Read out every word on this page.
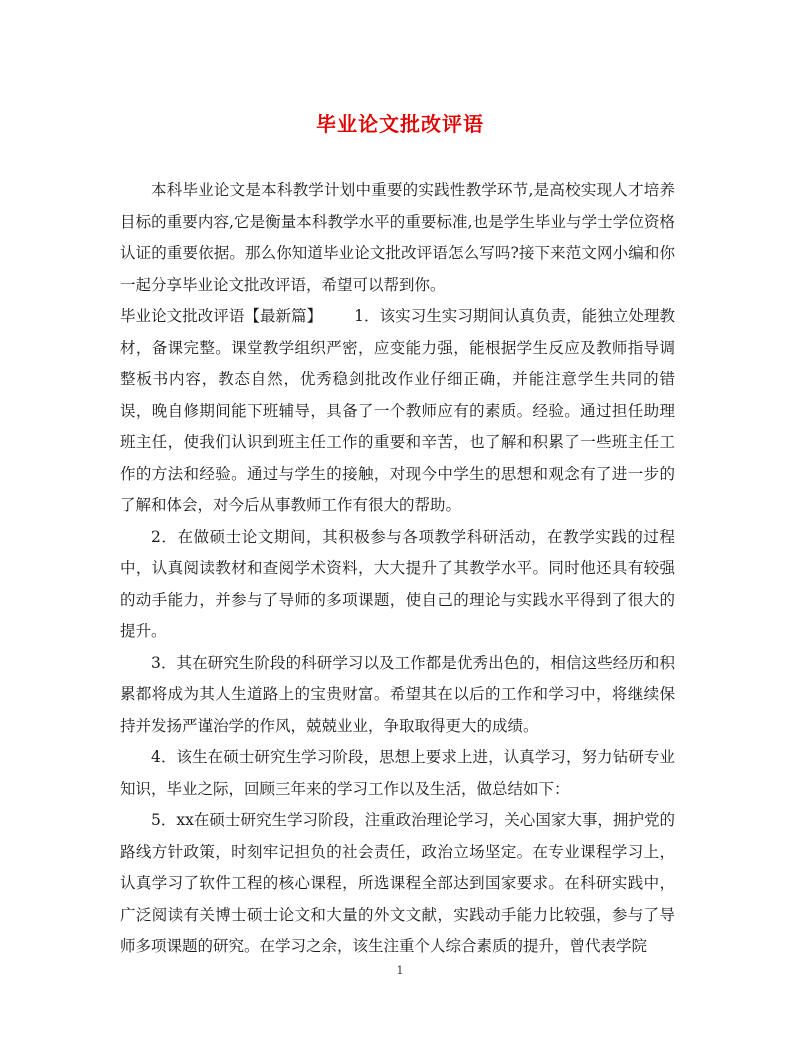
毕业论文批改评语

本科毕业论文是本科教学计划中重要的实践性教学环节,是高校实现人才培养目标的重要内容,它是衡量本科教学水平的重要标准,也是学生毕业与学士学位资格认证的重要依据。那么你知道毕业论文批改评语怎么写吗?接下来范文网小编和你一起分享毕业论文批改评语，希望可以帮到你。

毕业论文批改评语【最新篇】 1．该实习生实习期间认真负责，能独立处理教材，备课完整。课堂教学组织严密，应变能力强，能根据学生反应及教师指导调整板书内容，教态自然，优秀稳剑批改作业仔细正确，并能注意学生共同的错误，晚自修期间能下班辅导，具备了一个教师应有的素质。经验。通过担任助理班主任，使我们认识到班主任工作的重要和辛苦，也了解和积累了一些班主任工作的方法和经验。通过与学生的接触，对现今中学生的思想和观念有了进一步的了解和体会，对今后从事教师工作有很大的帮助。

2．在做硕士论文期间，其积极参与各项教学科研活动，在教学实践的过程中，认真阅读教材和查阅学术资料，大大提升了其教学水平。同时他还具有较强的动手能力，并参与了导师的多项课题，使自己的理论与实践水平得到了很大的提升。

3．其在研究生阶段的科研学习以及工作都是优秀出色的，相信这些经历和积累都将成为其人生道路上的宝贵财富。希望其在以后的工作和学习中，将继续保持并发扬严谨治学的作风，兢兢业业，争取取得更大的成绩。

4．该生在硕士研究生学习阶段，思想上要求上进，认真学习，努力钻研专业知识，毕业之际，回顾三年来的学习工作以及生活，做总结如下：

5．xx在硕士研究生学习阶段，注重政治理论学习，关心国家大事，拥护党的路线方针政策，时刻牢记担负的社会责任，政治立场坚定。在专业课程学习上，认真学习了软件工程的核心课程，所选课程全部达到国家要求。在科研实践中，广泛阅读有关博士硕士论文和大量的外文文献，实践动手能力比较强，参与了导师多项课题的研究。在学习之余，该生注重个人综合素质的提升，曾代表学院

1
